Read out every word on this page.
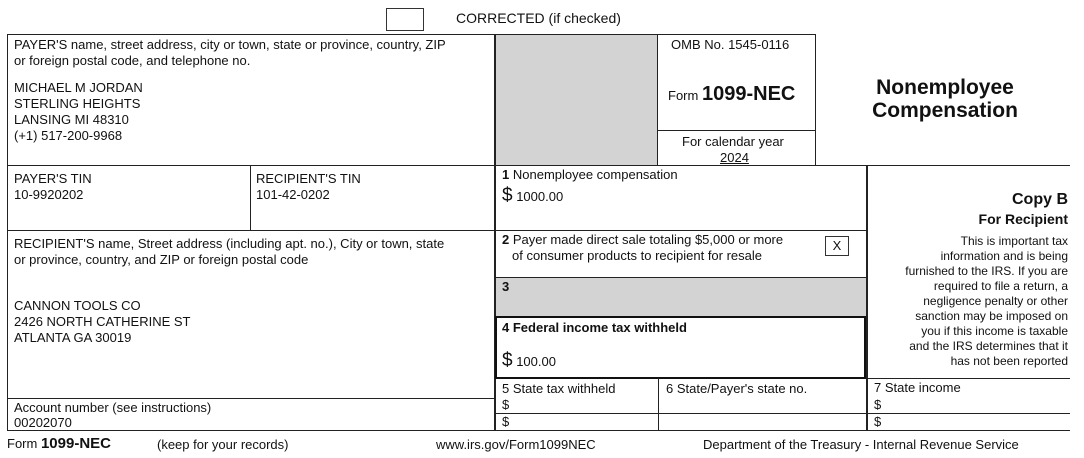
CORRECTED (if checked)
PAYER'S name, street address, city or town, state or province, country, ZIP
or foreign postal code, and telephone no.
MICHAEL M JORDAN
STERLING HEIGHTS
LANSING MI 48310
(+1) 517-200-9968
OMB No. 1545-0116
Form 1099-NEC
For calendar year
2024
Nonemployee
Compensation
PAYER'S TIN
10-9920202
RECIPIENT'S TIN
101-42-0202
RECIPIENT'S name, Street address (including apt. no.), City or town, state
or province, country, and ZIP or foreign postal code
CANNON TOOLS CO
2426 NORTH CATHERINE ST
ATLANTA GA 30019
Account number (see instructions)
00202070
1 Nonemployee compensation
$ 1000.00
2 Payer made direct sale totaling $5,000 or more
of consumer products to recipient for resale
X
3
4 Federal income tax withheld
$ 100.00
5 State tax withheld
$
$
6 State/Payer's state no.	7 State income
$
$
Copy B
For Recipient
This is important tax
information and is being
furnished to the IRS. If you are
required to file a return, a
negligence penalty or other
sanction may be imposed on
you if this income is taxable
and the IRS determines that it
has not been reported
Form 1099-NEC	(keep for your records)	www.irs.gov/Form1099NEC	Department of the Treasury - Internal Revenue Service
